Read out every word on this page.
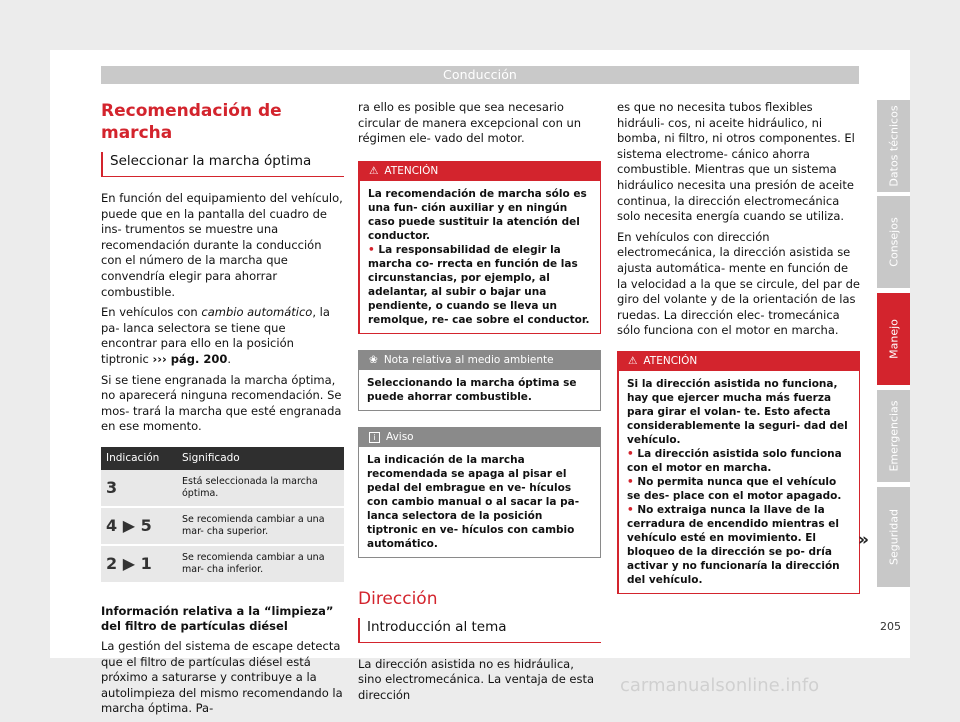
Conducción
Recomendación de marcha
Seleccionar la marcha óptima

En función del equipamiento del vehículo, puede que en la pantalla del cuadro de ins- trumentos se muestre una recomendación durante la conducción con el número de la marcha que convendría elegir para ahorrar combustible.

En vehículos con cambio automático, la pa- lanca selectora se tiene que encontrar para ello en la posición tiptronic ››› pág. 200.

Si se tiene engranada la marcha óptima, no aparecerá ninguna recomendación. Se mos- trará la marcha que esté engranada en ese momento.

Indicación	Significado
3	Está seleccionada la marcha óptima.
4 ▶ 5	Se recomienda cambiar a una mar- cha superior.
2 ▶ 1	Se recomienda cambiar a una mar- cha inferior.

Información relativa a la “limpieza” del filtro de partículas diésel

La gestión del sistema de escape detecta que el filtro de partículas diésel está próximo a saturarse y contribuye a la autolimpieza del mismo recomendando la marcha óptima. Pa-

ra ello es posible que sea necesario circular de manera excepcional con un régimen ele- vado del motor.

⚠ ATENCIÓN
La recomendación de marcha sólo es una fun- ción auxiliar y en ningún caso puede sustituir la atención del conductor.
• La responsabilidad de elegir la marcha co- rrecta en función de las circunstancias, por ejemplo, al adelantar, al subir o bajar una pendiente, o cuando se lleva un remolque, re- cae sobre el conductor.
❀ Nota relativa al medio ambiente
Seleccionando la marcha óptima se puede ahorrar combustible.
i Aviso
La indicación de la marcha recomendada se apaga al pisar el pedal del embrague en ve- hículos con cambio manual o al sacar la pa- lanca selectora de la posición tiptronic en ve- hículos con cambio automático.
Dirección
Introducción al tema

La dirección asistida no es hidráulica, sino electromecánica. La ventaja de esta dirección

es que no necesita tubos flexibles hidráuli- cos, ni aceite hidráulico, ni bomba, ni filtro, ni otros componentes. El sistema electrome- cánico ahorra combustible. Mientras que un sistema hidráulico necesita una presión de aceite continua, la dirección electromecánica solo necesita energía cuando se utiliza.

En vehículos con dirección electromecánica, la dirección asistida se ajusta automática- mente en función de la velocidad a la que se circule, del par de giro del volante y de la orientación de las ruedas. La dirección elec- tromecánica sólo funciona con el motor en marcha.

⚠ ATENCIÓN
Si la dirección asistida no funciona, hay que ejercer mucha más fuerza para girar el volan- te. Esto afecta considerablemente la seguri- dad del vehículo.
• La dirección asistida solo funciona con el motor en marcha.
• No permita nunca que el vehículo se des- place con el motor apagado.
• No extraiga nunca la llave de la cerradura de encendido mientras el vehículo esté en movimiento. El bloqueo de la dirección se po- dría activar y no funcionaría la dirección del vehículo.
»
Datos técnicos
Consejos
Manejo
Emergencias
Seguridad
205
carmanualsonline.info
